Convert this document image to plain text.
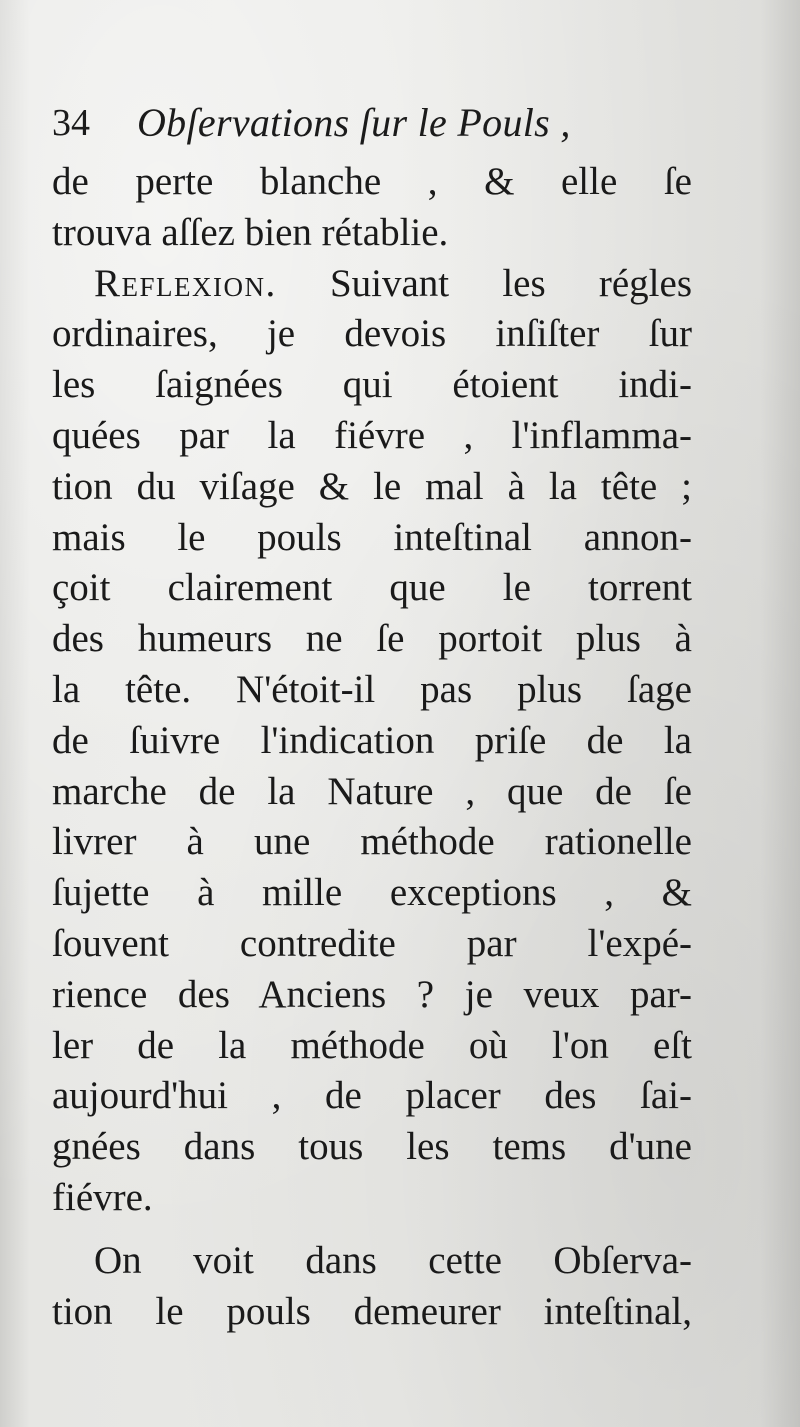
34 Obſervations ſur le Pouls ,
de perte blanche , & elle ſe
trouva aſſez bien rétablie.
Reflexion. Suivant les régles
ordinaires, je devois inſiſter ſur
les ſaignées qui étoient indi-
quées par la fiévre , l'inflamma-
tion du viſage & le mal à la tête ;
mais le pouls inteſtinal annon-
çoit clairement que le torrent
des humeurs ne ſe portoit plus à
la tête. N'étoit-il pas plus ſage
de ſuivre l'indication priſe de la
marche de la Nature , que de ſe
livrer à une méthode rationelle
ſujette à mille exceptions , &
ſouvent contredite par l'expé-
rience des Anciens ? je veux par-
ler de la méthode où l'on eſt
aujourd'hui , de placer des ſai-
gnées dans tous les tems d'une
fiévre.
On voit dans cette Obſerva-
tion le pouls demeurer inteſtinal,
